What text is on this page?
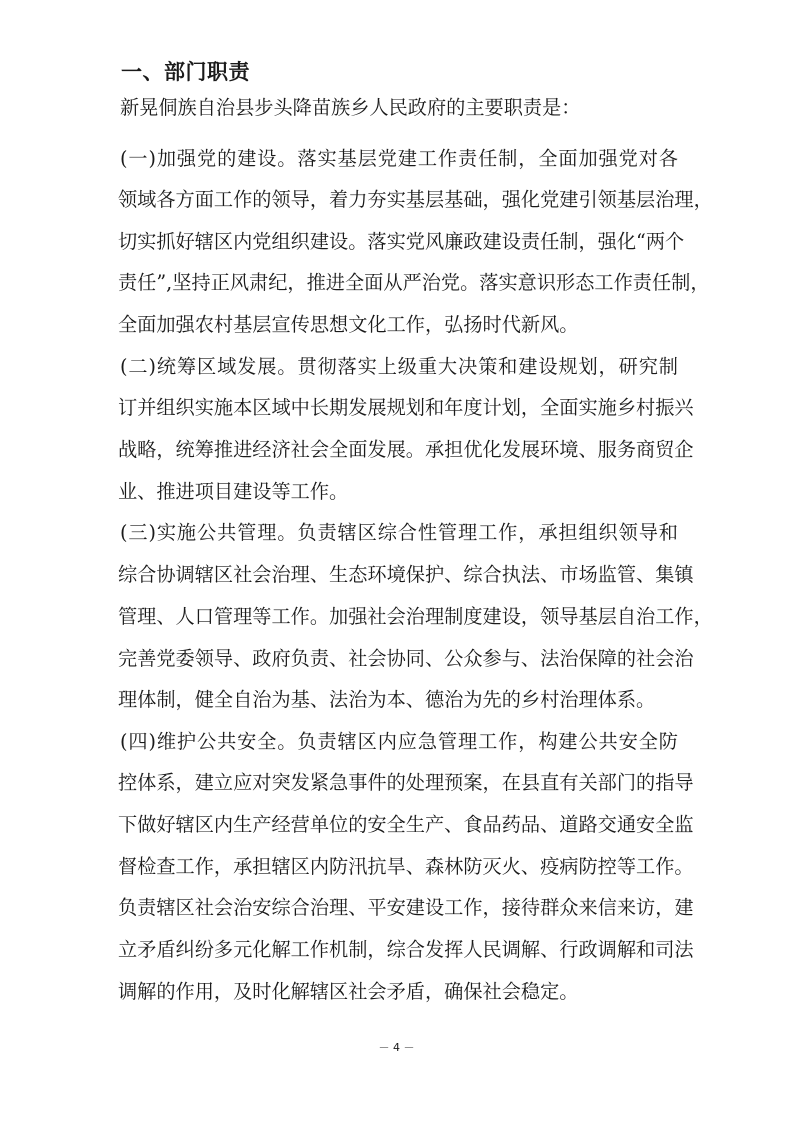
一、部门职责
新晃侗族自治县步头降苗族乡人民政府的主要职责是：
(一)加强党的建设。落实基层党建工作责任制，全面加强党对各
领域各方面工作的领导，着力夯实基层基础，强化党建引领基层治理，
切实抓好辖区内党组织建设。落实党风廉政建设责任制，强化“两个
责任”,坚持正风肃纪，推进全面从严治党。落实意识形态工作责任制，
全面加强农村基层宣传思想文化工作，弘扬时代新风。
(二)统筹区域发展。贯彻落实上级重大决策和建设规划，研究制
订并组织实施本区域中长期发展规划和年度计划，全面实施乡村振兴
战略，统筹推进经济社会全面发展。承担优化发展环境、服务商贸企
业、推进项目建设等工作。
(三)实施公共管理。负责辖区综合性管理工作，承担组织领导和
综合协调辖区社会治理、生态环境保护、综合执法、市场监管、集镇
管理、人口管理等工作。加强社会治理制度建设，领导基层自治工作，
完善党委领导、政府负责、社会协同、公众参与、法治保障的社会治
理体制，健全自治为基、法治为本、德治为先的乡村治理体系。
(四)维护公共安全。负责辖区内应急管理工作，构建公共安全防
控体系，建立应对突发紧急事件的处理预案，在县直有关部门的指导
下做好辖区内生产经营单位的安全生产、食品药品、道路交通安全监
督检查工作，承担辖区内防汛抗旱、森林防灭火、疫病防控等工作。
负责辖区社会治安综合治理、平安建设工作，接待群众来信来访，建
立矛盾纠纷多元化解工作机制，综合发挥人民调解、行政调解和司法
调解的作用，及时化解辖区社会矛盾，确保社会稳定。
－ 4 －
